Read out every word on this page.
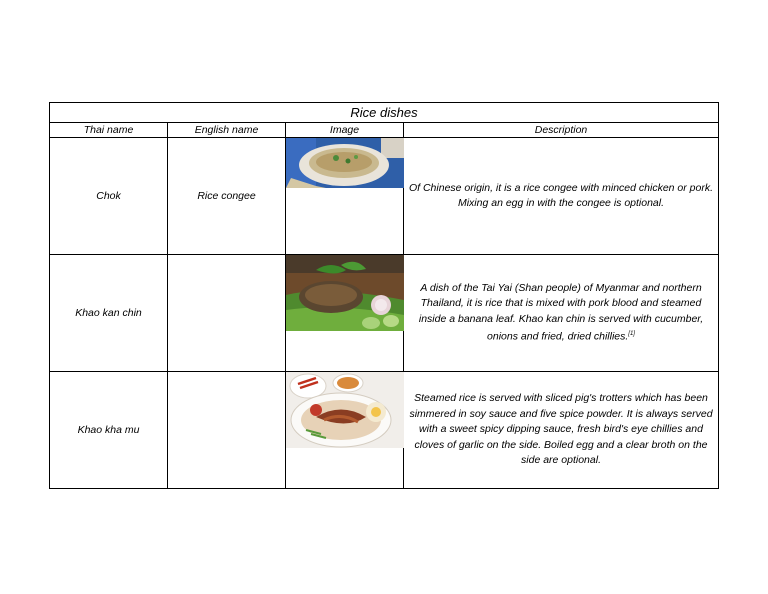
Rice dishes			
Thai name	English name	Image	Description
Chok	Rice congee		Of Chinese origin, it is a rice congee with minced chicken or pork. Mixing an egg in with the congee is optional.
Khao kan chin			A dish of the Tai Yai (Shan people) of Myanmar and northern Thailand, it is rice that is mixed with pork blood and steamed inside a banana leaf. Khao kan chin is served with cucumber, onions and fried, dried chillies.[1]
Khao kha mu			Steamed rice is served with sliced pig's trotters which has been simmered in soy sauce and five spice powder. It is always served with a sweet spicy dipping sauce, fresh bird's eye chillies and cloves of garlic on the side. Boiled egg and a clear broth on the side are optional.
